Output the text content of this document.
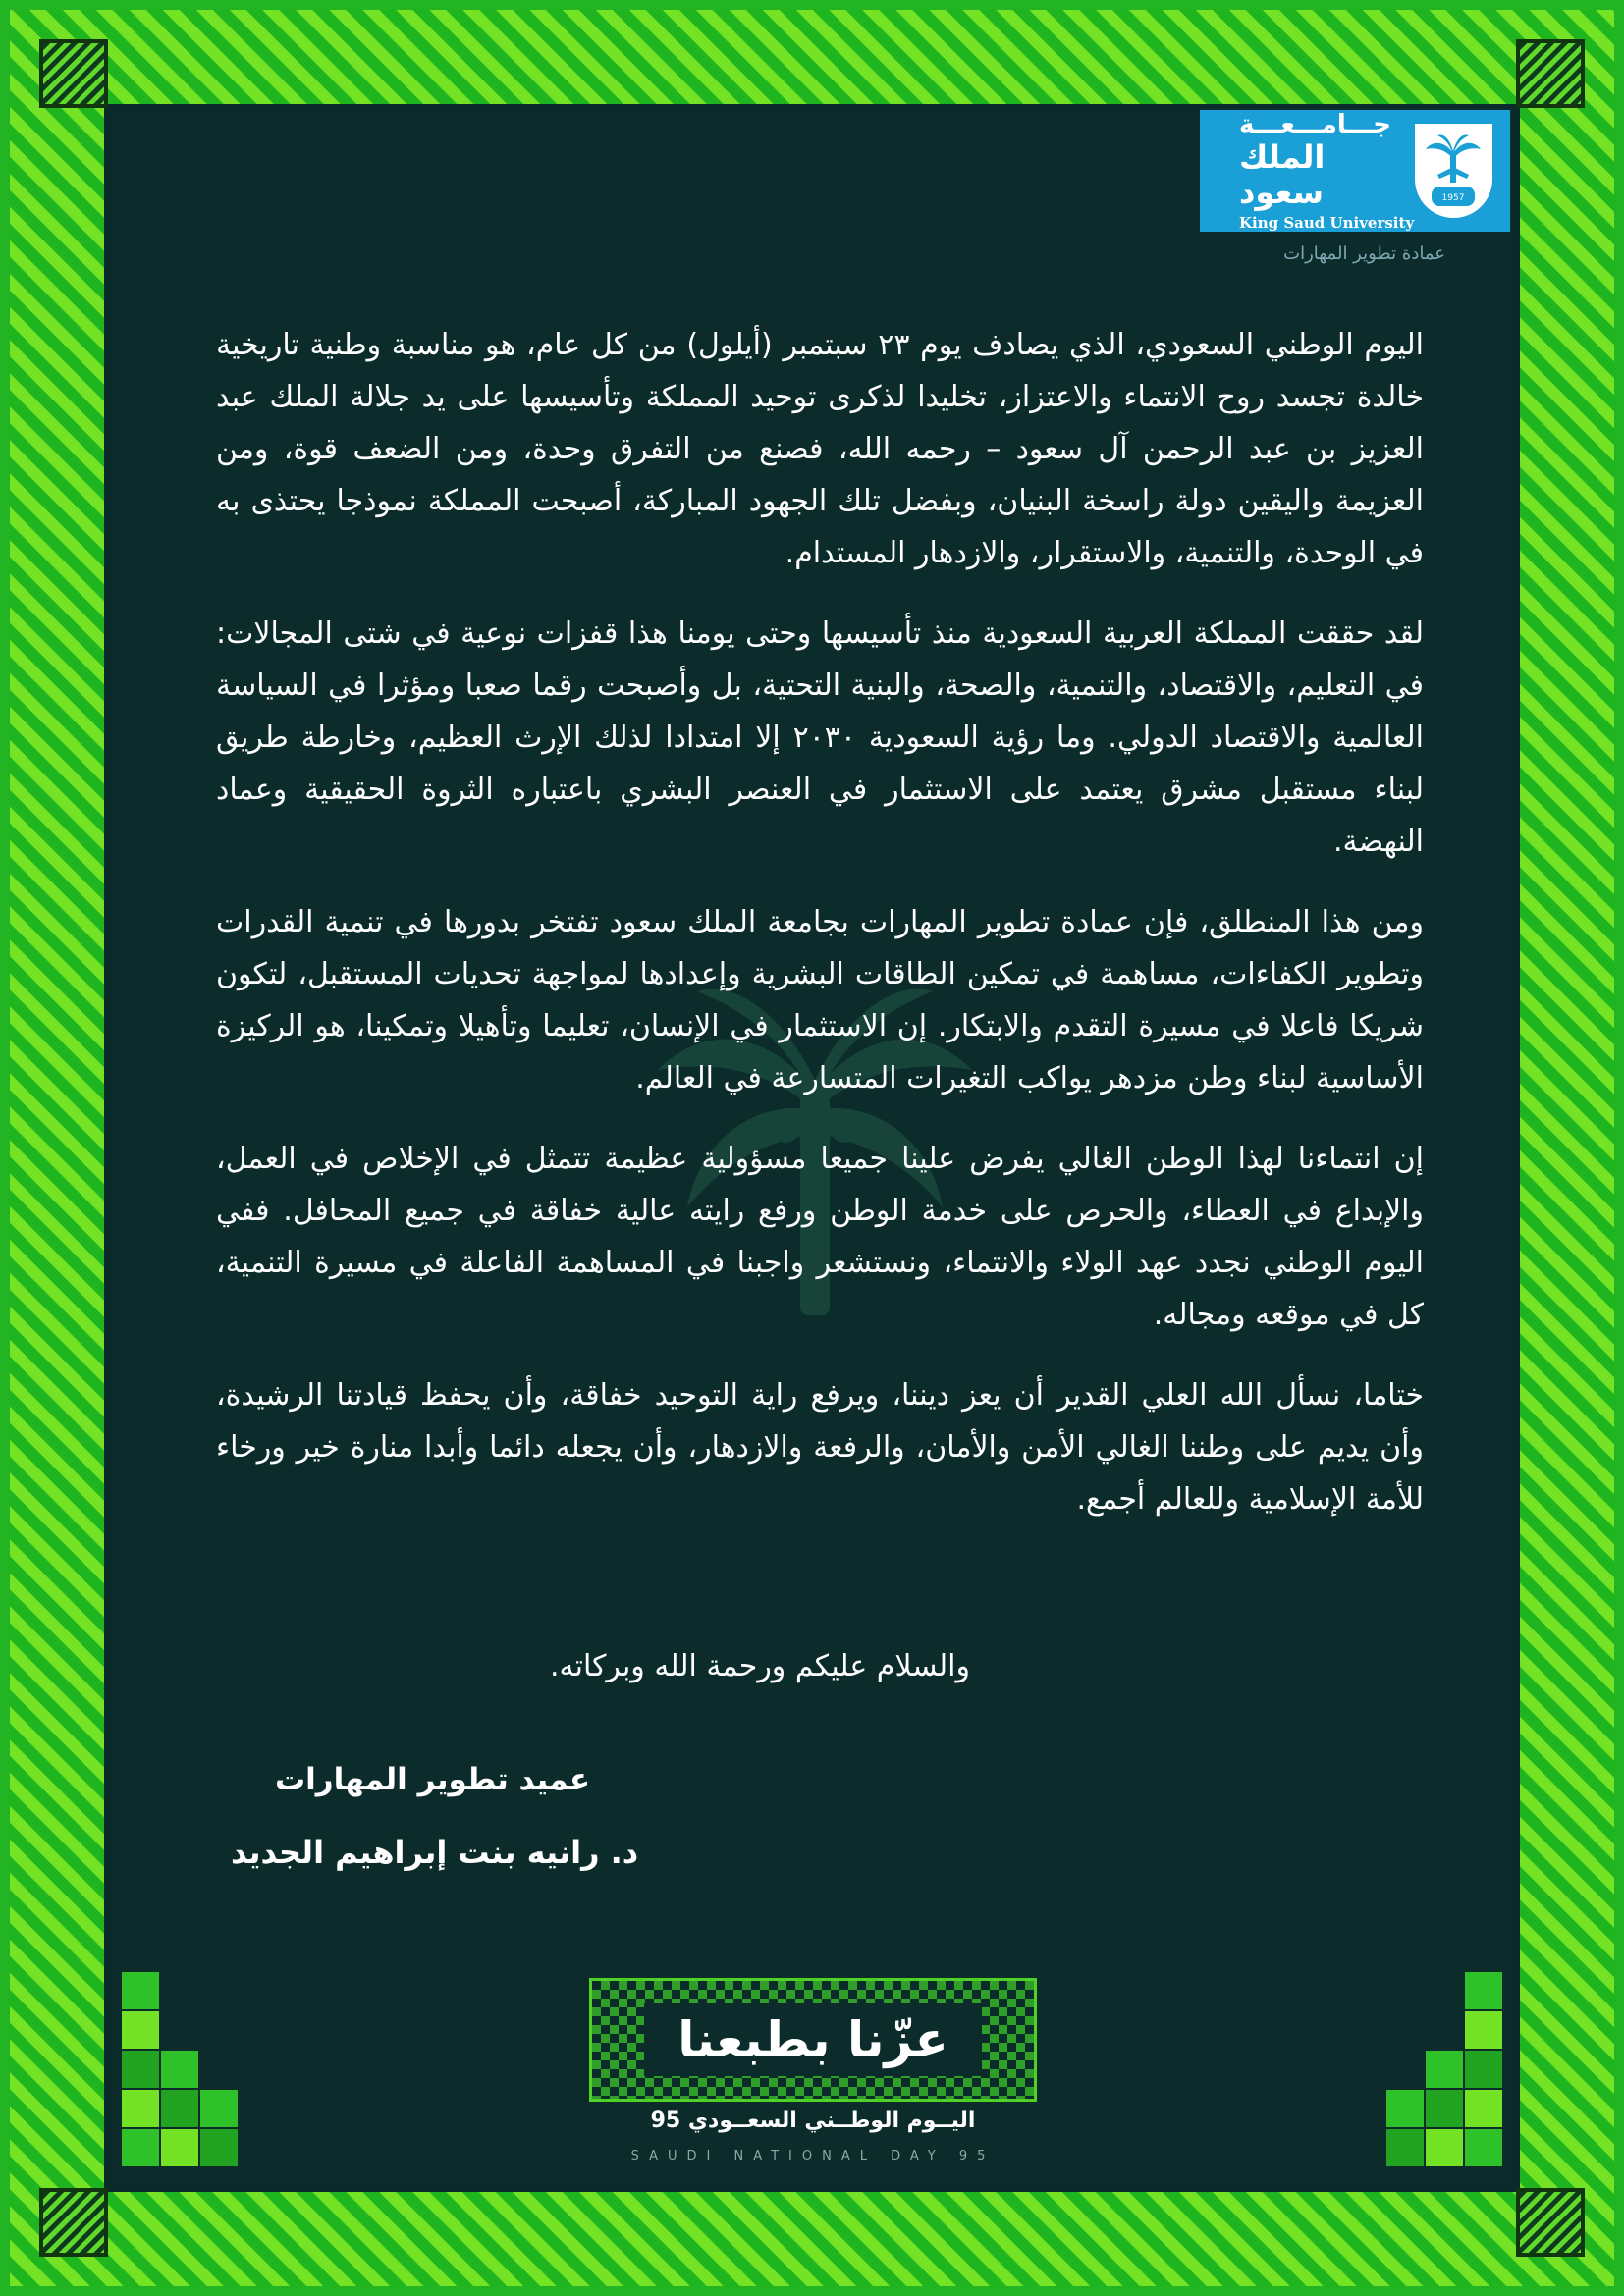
جـــامـــعـــة
الملك سعود
King Saud University
1957
عمادة تطوير المهارات

اليوم الوطني السعودي، الذي يصادف يوم ٢٣ سبتمبر (أيلول) من كل عام، هو مناسبة وطنية تاريخية خالدة تجسد روح الانتماء والاعتزاز، تخليدا لذكرى توحيد المملكة وتأسيسها على يد جلالة الملك عبد العزيز بن عبد الرحمن آل سعود – رحمه الله، فصنع من التفرق وحدة، ومن الضعف قوة، ومن العزيمة واليقين دولة راسخة البنيان، وبفضل تلك الجهود المباركة، أصبحت المملكة نموذجا يحتذى به في الوحدة، والتنمية، والاستقرار، والازدهار المستدام.

لقد حققت المملكة العربية السعودية منذ تأسيسها وحتى يومنا هذا قفزات نوعية في شتى المجالات: في التعليم، والاقتصاد، والتنمية، والصحة، والبنية التحتية، بل وأصبحت رقما صعبا ومؤثرا في السياسة العالمية والاقتصاد الدولي. وما رؤية السعودية ٢٠٣٠ إلا امتدادا لذلك الإرث العظيم، وخارطة طريق لبناء مستقبل مشرق يعتمد على الاستثمار في العنصر البشري باعتباره الثروة الحقيقية وعماد النهضة.

ومن هذا المنطلق، فإن عمادة تطوير المهارات بجامعة الملك سعود تفتخر بدورها في تنمية القدرات وتطوير الكفاءات، مساهمة في تمكين الطاقات البشرية وإعدادها لمواجهة تحديات المستقبل، لتكون شريكا فاعلا في مسيرة التقدم والابتكار. إن الاستثمار في الإنسان، تعليما وتأهيلا وتمكينا، هو الركيزة الأساسية لبناء وطن مزدهر يواكب التغيرات المتسارعة في العالم.

إن انتماءنا لهذا الوطن الغالي يفرض علينا جميعا مسؤولية عظيمة تتمثل في الإخلاص في العمل، والإبداع في العطاء، والحرص على خدمة الوطن ورفع رايته عالية خفاقة في جميع المحافل. ففي اليوم الوطني نجدد عهد الولاء والانتماء، ونستشعر واجبنا في المساهمة الفاعلة في مسيرة التنمية، كل في موقعه ومجاله.

ختاما، نسأل الله العلي القدير أن يعز ديننا، ويرفع راية التوحيد خفاقة، وأن يحفظ قيادتنا الرشيدة، وأن يديم على وطننا الغالي الأمن والأمان، والرفعة والازدهار، وأن يجعله دائما وأبدا منارة خير ورخاء للأمة الإسلامية وللعالم أجمع.

والسلام عليكم ورحمة الله وبركاته.
عميد تطوير المهارات
د. رانيه بنت إبراهيم الجديد
عزّنا بطبعنا
اليــوم الوطــني السعــودي 95
SAUDI NATIONAL DAY 95
